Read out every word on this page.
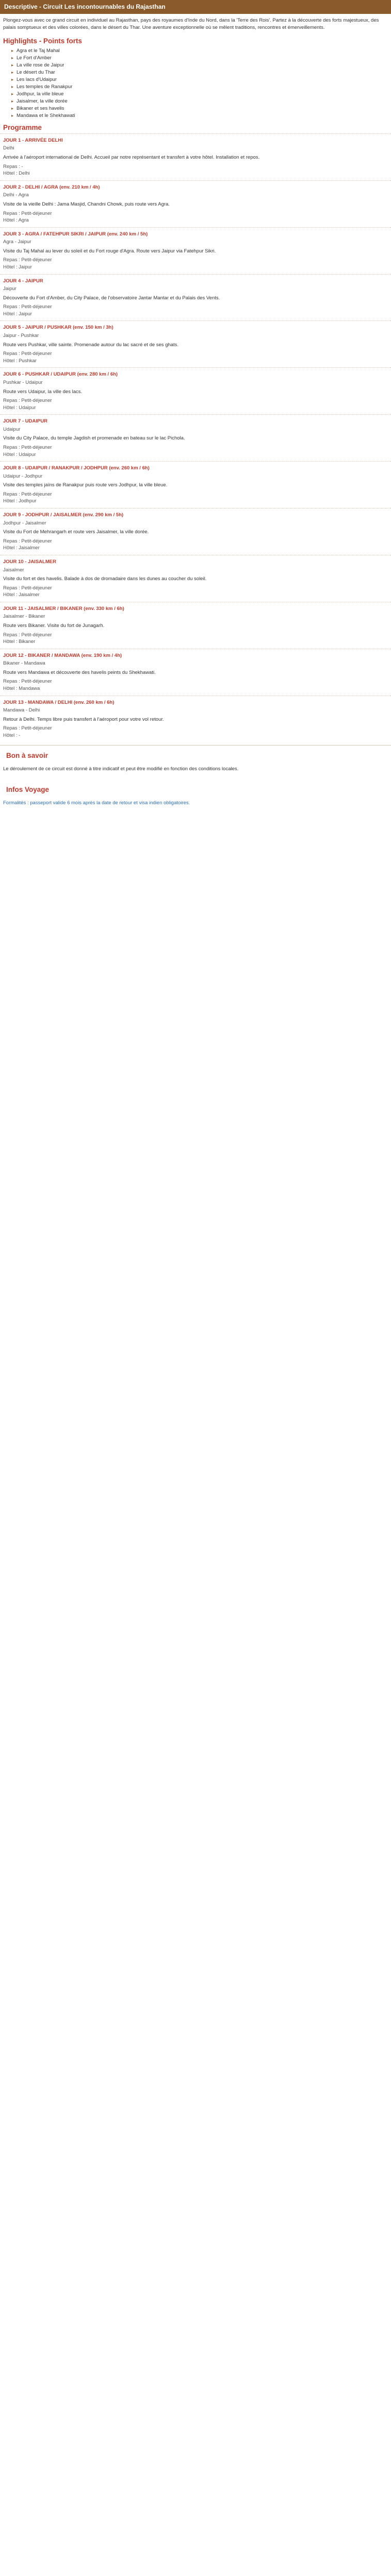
Descriptive - Circuit Les incontournables du Rajasthan

Plongez-vous avec ce grand circuit en individuel au Rajasthan, pays des royaumes d'Inde du Nord, dans la 'Terre des Rois'. Partez à la découverte des forts majestueux, des palais somptueux et des villes colorées, dans le désert du Thar. Une aventure exceptionnelle où se mêlent traditions, rencontres et émerveillements.

Highlights - Points forts
▸ Agra et le Taj Mahal
▸ Le Fort d'Amber
▸ La ville rose de Jaipur
▸ Le désert du Thar
▸ Les lacs d'Udaipur
▸ Les temples de Ranakpur
▸ Jodhpur, la ville bleue
▸ Jaisalmer, la ville dorée
▸ Bikaner et ses havelis
▸ Mandawa et le Shekhawati
Programme
JOUR 1 - ARRIVÉE DELHI

Delhi

Arrivée à l'aéroport international de Delhi. Accueil par notre représentant et transfert à votre hôtel. Installation et repos.

Repas : -

Hôtel : Delhi

JOUR 2 - DELHI / AGRA (env. 210 km / 4h)

Delhi - Agra

Visite de la vieille Delhi : Jama Masjid, Chandni Chowk, puis route vers Agra.

Repas : Petit-déjeuner

Hôtel : Agra

JOUR 3 - AGRA / FATEHPUR SIKRI / JAIPUR (env. 240 km / 5h)

Agra - Jaipur

Visite du Taj Mahal au lever du soleil et du Fort rouge d'Agra. Route vers Jaipur via Fatehpur Sikri.

Repas : Petit-déjeuner

Hôtel : Jaipur

JOUR 4 - JAIPUR

Jaipur

Découverte du Fort d'Amber, du City Palace, de l'observatoire Jantar Mantar et du Palais des Vents.

Repas : Petit-déjeuner

Hôtel : Jaipur

JOUR 5 - JAIPUR / PUSHKAR (env. 150 km / 3h)

Jaipur - Pushkar

Route vers Pushkar, ville sainte. Promenade autour du lac sacré et de ses ghats.

Repas : Petit-déjeuner

Hôtel : Pushkar

JOUR 6 - PUSHKAR / UDAIPUR (env. 280 km / 6h)

Pushkar - Udaipur

Route vers Udaipur, la ville des lacs.

Repas : Petit-déjeuner

Hôtel : Udaipur

JOUR 7 - UDAIPUR

Udaipur

Visite du City Palace, du temple Jagdish et promenade en bateau sur le lac Pichola.

Repas : Petit-déjeuner

Hôtel : Udaipur

JOUR 8 - UDAIPUR / RANAKPUR / JODHPUR (env. 260 km / 6h)

Udaipur - Jodhpur

Visite des temples jaïns de Ranakpur puis route vers Jodhpur, la ville bleue.

Repas : Petit-déjeuner

Hôtel : Jodhpur

JOUR 9 - JODHPUR / JAISALMER (env. 290 km / 5h)

Jodhpur - Jaisalmer

Visite du Fort de Mehrangarh et route vers Jaisalmer, la ville dorée.

Repas : Petit-déjeuner

Hôtel : Jaisalmer

JOUR 10 - JAISALMER

Jaisalmer

Visite du fort et des havelis. Balade à dos de dromadaire dans les dunes au coucher du soleil.

Repas : Petit-déjeuner

Hôtel : Jaisalmer

JOUR 11 - JAISALMER / BIKANER (env. 330 km / 6h)

Jaisalmer - Bikaner

Route vers Bikaner. Visite du fort de Junagarh.

Repas : Petit-déjeuner

Hôtel : Bikaner

JOUR 12 - BIKANER / MANDAWA (env. 190 km / 4h)

Bikaner - Mandawa

Route vers Mandawa et découverte des havelis peints du Shekhawati.

Repas : Petit-déjeuner

Hôtel : Mandawa

JOUR 13 - MANDAWA / DELHI (env. 260 km / 6h)

Mandawa - Delhi

Retour à Delhi. Temps libre puis transfert à l'aéroport pour votre vol retour.

Repas : Petit-déjeuner

Hôtel : -

Bon à savoir

Le déroulement de ce circuit est donné à titre indicatif et peut être modifié en fonction des conditions locales.

Infos Voyage

Formalités : passeport valide 6 mois après la date de retour et visa indien obligatoires.
